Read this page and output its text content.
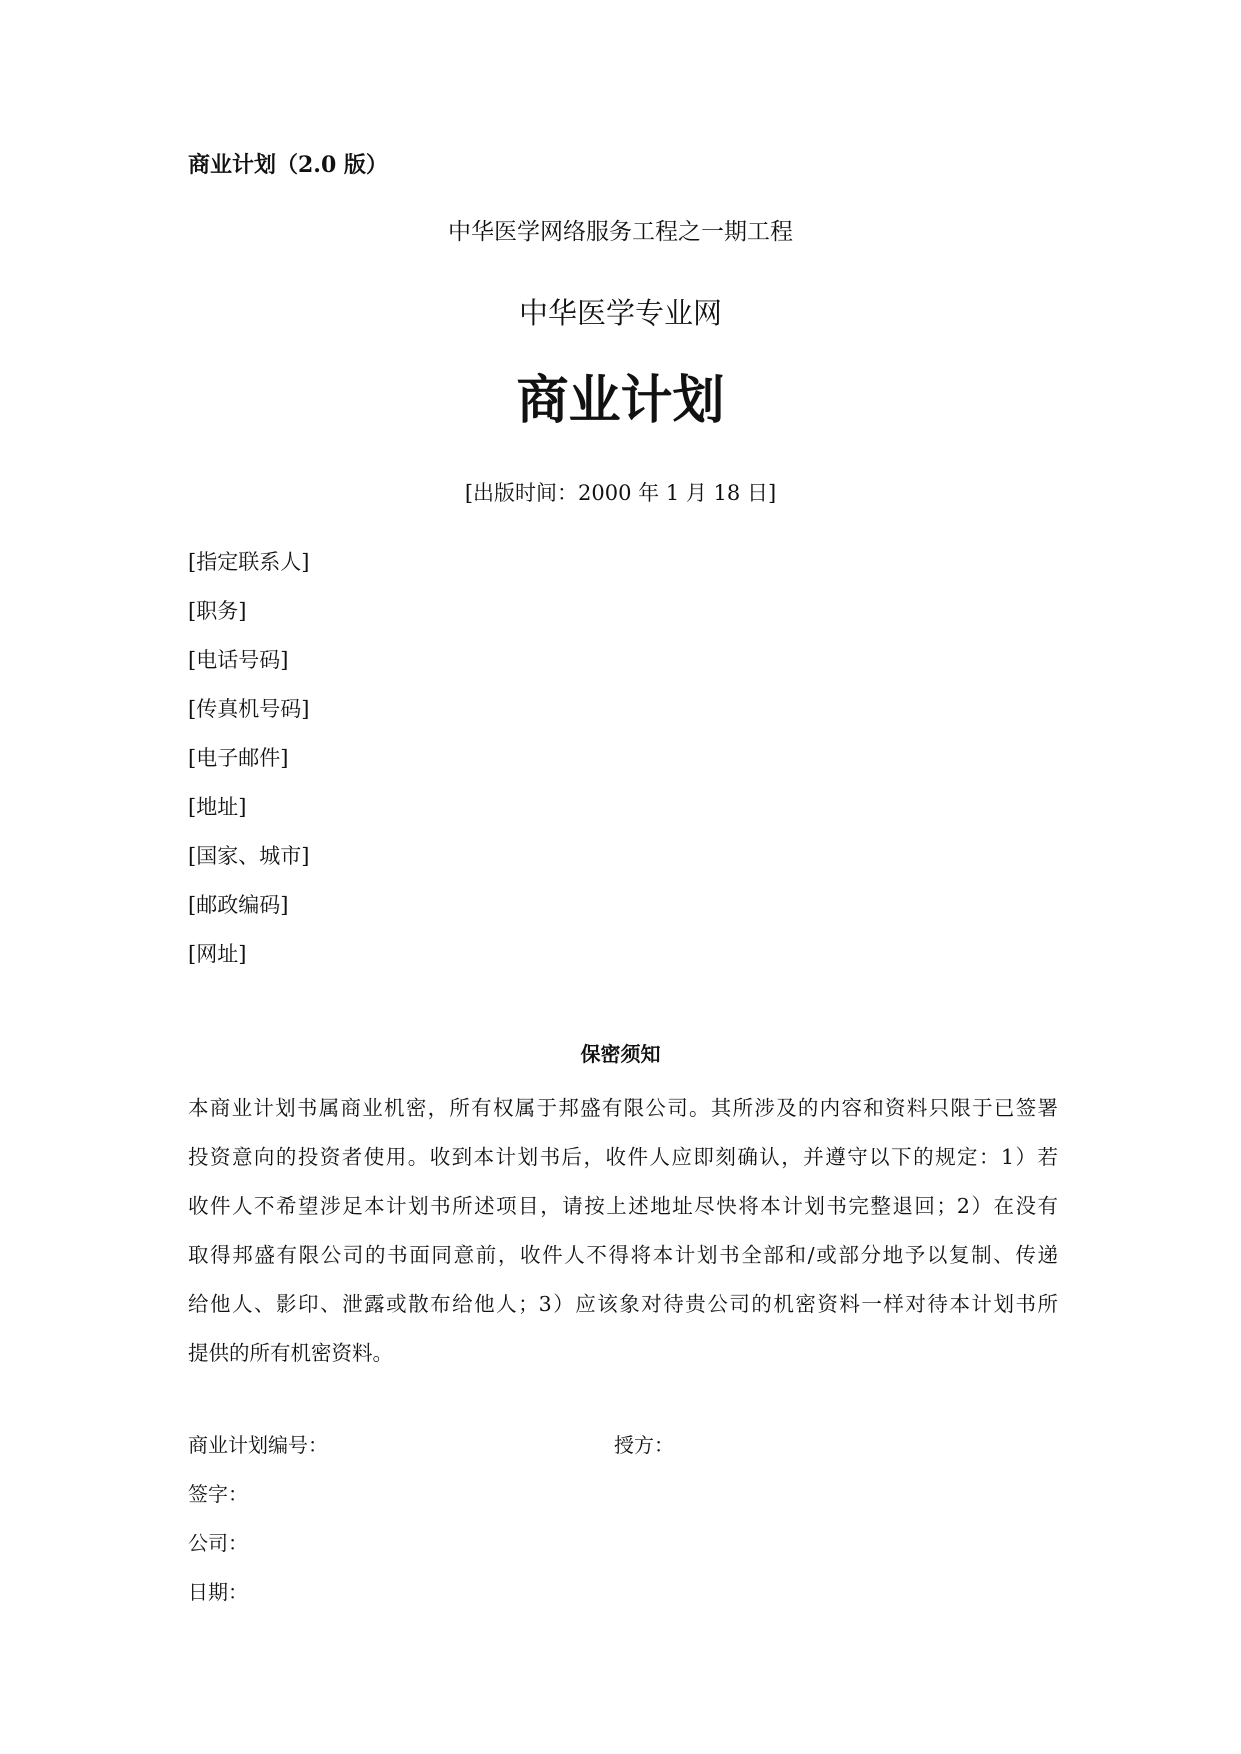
商业计划（2.0 版）

中华医学网络服务工程之一期工程

中华医学专业网

商业计划

[出版时间：2000 年 1 月 18 日]

[指定联系人]
[职务]
[电话号码]
[传真机号码]
[电子邮件]
[地址]
[国家、城市]
[邮政编码]
[网址]
保密须知
本商业计划书属商业机密，所有权属于邦盛有限公司。其所涉及的内容和资料只限于已签署
投资意向的投资者使用。收到本计划书后，收件人应即刻确认，并遵守以下的规定：1）若
收件人不希望涉足本计划书所述项目，请按上述地址尽快将本计划书完整退回；2）在没有
取得邦盛有限公司的书面同意前，收件人不得将本计划书全部和/或部分地予以复制、传递
给他人、影印、泄露或散布给他人；3）应该象对待贵公司的机密资料一样对待本计划书所
提供的所有机密资料。

商业计划编号：	授方：

签字：

公司：

日期：
